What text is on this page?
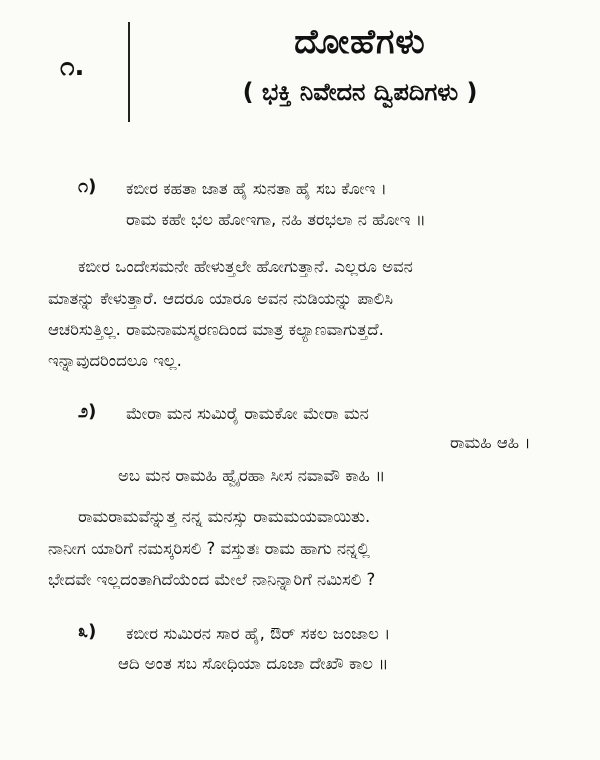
೧.
ದೋಹೆಗಳು
( ಭಕ್ತಿ ನಿವೇದನ ದ್ವಿಪದಿಗಳು )
೧) ಕಬೀರ ಕಹತಾ ಜಾತ ಹೈ ಸುನತಾ ಹೈ ಸಬ ಕೋಇ ।
ರಾಮ ಕಹೇ ಭಲ ಹೋಇಗಾ, ನಹಿ ತರಭಲಾ ನ ಹೋಇ ॥
ಕಬೀರ ಒಂದೇಸಮನೇ ಹೇಳುತ್ತಲೇ ಹೋಗುತ್ತಾನೆ. ಎಲ್ಲರೂ ಅವನ
ಮಾತನ್ನು ಕೇಳುತ್ತಾರೆ. ಆದರೂ ಯಾರೂ ಅವನ ನುಡಿಯನ್ನು ಪಾಲಿಸಿ
ಆಚರಿಸುತ್ತಿಲ್ಲ. ರಾಮನಾಮಸ್ಮರಣದಿಂದ ಮಾತ್ರ ಕಲ್ಯಾಣವಾಗುತ್ತದೆ.
ಇನ್ನಾವುದರಿಂದಲೂ ಇಲ್ಲ.
೨) ಮೇರಾ ಮನ ಸುಮಿರೈ ರಾಮಕೋ ಮೇರಾ ಮನ
ರಾಮಹಿ ಆಹಿ ।
ಅಬ ಮನ ರಾಮಹಿ ಹ್ವೈರಹಾ ಸೀಸ ನವಾವೌ ಕಾಹಿ ॥
ರಾಮರಾಮವೆನ್ನುತ್ತ ನನ್ನ ಮನಸ್ಸು ರಾಮಮಯವಾಯಿತು.
ನಾನೀಗ ಯಾರಿಗೆ ನಮಸ್ಕರಿಸಲಿ ? ವಸ್ತುತಃ ರಾಮ ಹಾಗು ನನ್ನಲ್ಲಿ
ಭೇದವೇ ಇಲ್ಲದಂತಾಗಿದೆಯೆಂದ ಮೇಲೆ ನಾನಿನ್ನಾರಿಗೆ ನಮಿಸಲಿ ?
೩) ಕಬೀರ ಸುಮಿರನ ಸಾರ ಹೈ, ಔರ್ ಸಕಲ ಜಂಜಾಲ ।
ಆದಿ ಅಂತ ಸಬ ಸೋಧಿಯಾ ದೂಜಾ ದೇಖೌ ಕಾಲ ॥
